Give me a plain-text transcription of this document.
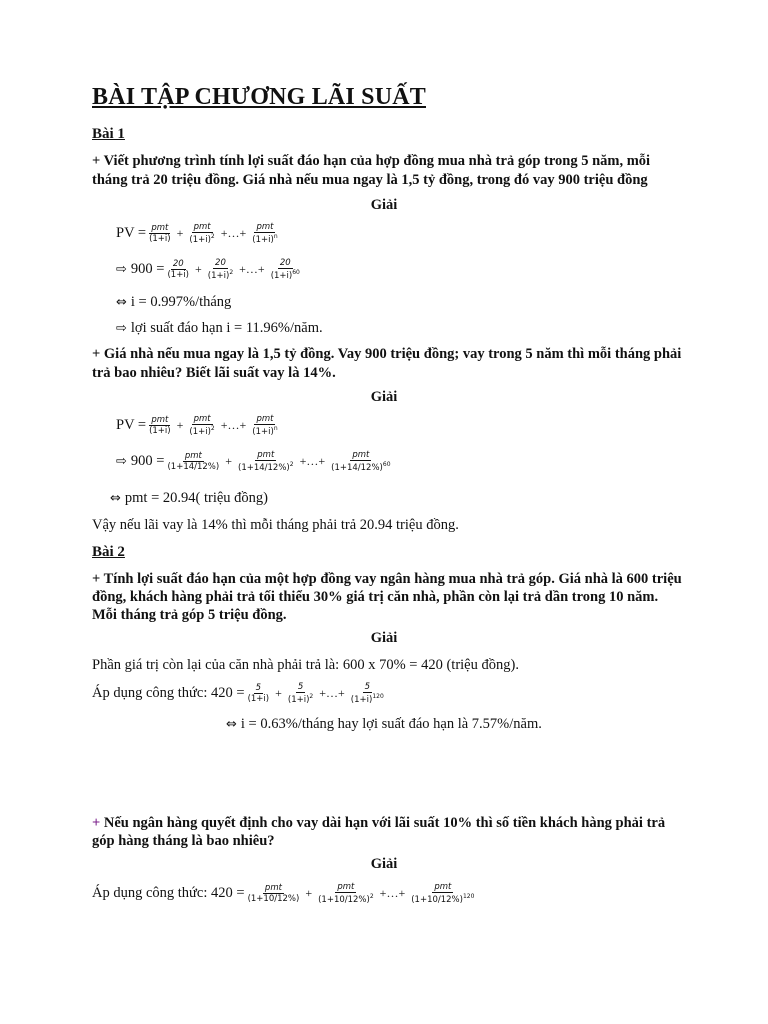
BÀI TẬP CHƯƠNG LÃI SUẤT
Bài 1
+ Viết phương trình tính lợi suất đáo hạn của hợp đồng mua nhà trả góp trong 5 năm, mỗi
tháng trả 20 triệu đồng. Giá nhà nếu mua ngay là 1,5 tỷ đồng, trong đó vay 900 triệu đồng
Giải
PV = $\frac{\text{pmt}}{(1+i)} + \frac{\text{pmt}}{(1+i)^2}$ +…+ $\frac{\text{pmt}}{(1+i)^n}$
⇨ $900 = \frac{20}{(1+i)} + \frac{20}{(1+i)^2}$ +…+ $\frac{20}{(1+i)^{60}}$
⇔ i = 0.997%/tháng
⇨ lợi suất đáo hạn i = 11.96%/năm.
+ Giá nhà nếu mua ngay là 1,5 tỷ đồng. Vay 900 triệu đồng; vay trong 5 năm thì mỗi tháng phải
trả bao nhiêu? Biết lãi suất vay là 14%.
Giải
PV = $\frac{\text{pmt}}{(1+i)} + \frac{\text{pmt}}{(1+i)^2}$ +…+ $\frac{\text{pmt}}{(1+i)^n}$
⇨ $900 = \frac{\text{pmt}}{(1+14/12\%)} + \frac{\text{pmt}}{(1+14/12\%)^2}$ +…+ $\frac{\text{pmt}}{(1+14/12\%)^{60}}$
⇔ pmt = 20.94( triệu đồng)
Vậy nếu lãi vay là 14% thì mỗi tháng phải trả 20.94 triệu đồng.
Bài 2
+ Tính lợi suất đáo hạn của một hợp đồng vay ngân hàng mua nhà trả góp. Giá nhà là 600 triệu
đồng, khách hàng phải trả tối thiểu 30% giá trị căn nhà, phần còn lại trả dần trong 10 năm.
Mỗi tháng trả góp 5 triệu đồng.
Giải
Phần giá trị còn lại của căn nhà phải trả là: 600 x 70% = 420 (triệu đồng).
Áp dụng công thức: $420 = \frac{5}{(1+i)} + \frac{5}{(1+i)^2}$ +…+ $\frac{5}{(1+i)^{120}}$
⇔ i = 0.63%/tháng hay lợi suất đáo hạn là 7.57%/năm.
+ Nếu ngân hàng quyết định cho vay dài hạn với lãi suất 10% thì số tiền khách hàng phải trả
góp hàng tháng là bao nhiêu?
Giải
Áp dụng công thức: $420 = \frac{\text{pmt}}{(1+10/12\%)} + \frac{\text{pmt}}{(1+10/12\%)^2}$ +…+ $\frac{\text{pmt}}{(1+10/12\%)^{120}}$
